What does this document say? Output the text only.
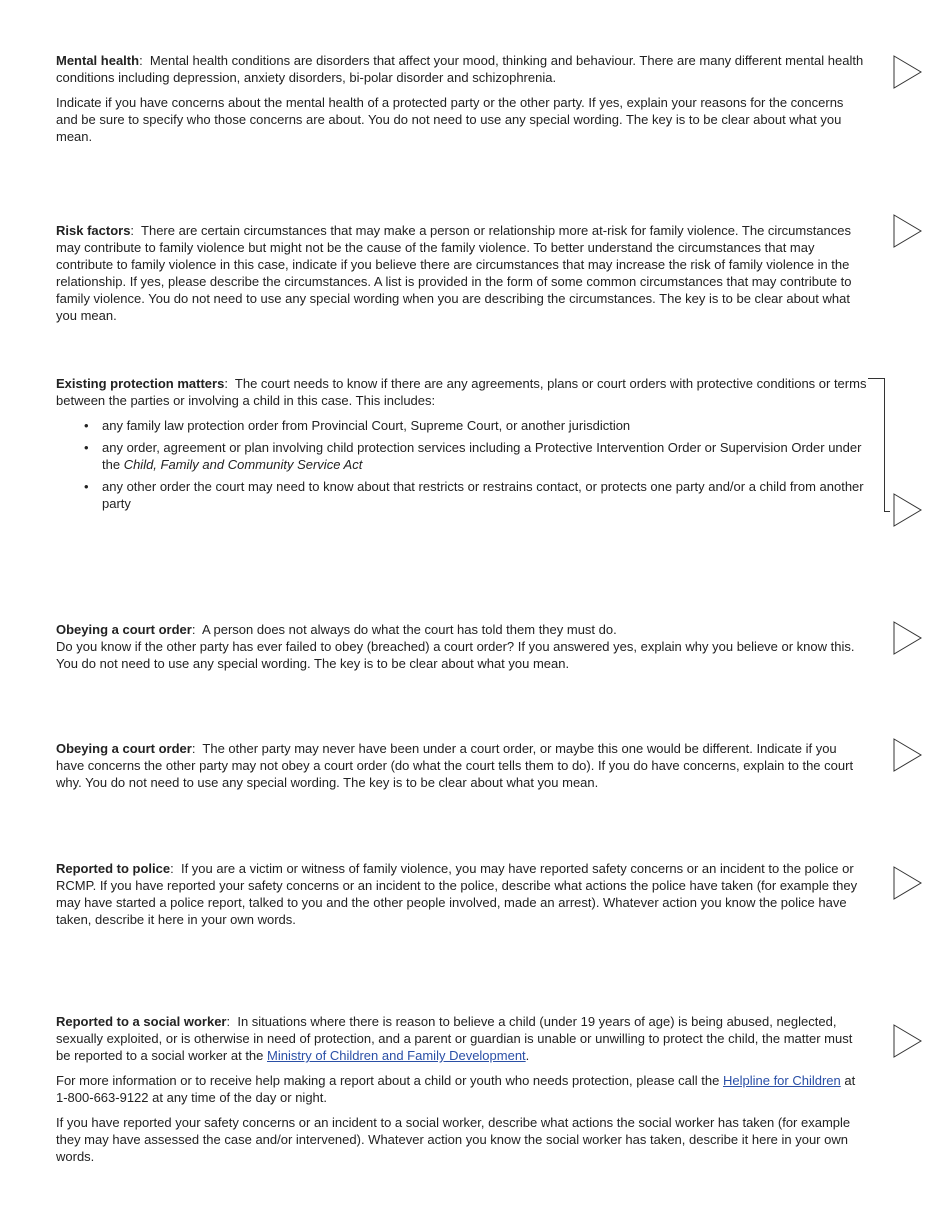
Mental health:  Mental health conditions are disorders that affect your mood, thinking and behaviour. There are many different mental health conditions including depression, anxiety disorders, bi-polar disorder and schizophrenia.

Indicate if you have concerns about the mental health of a protected party or the other party. If yes, explain your reasons for the concerns and be sure to specify who those concerns are about. You do not need to use any special wording. The key is to be clear about what you mean.

Risk factors:  There are certain circumstances that may make a person or relationship more at-risk for family violence. The circumstances may contribute to family violence but might not be the cause of the family violence. To better understand the circumstances that may contribute to family violence in this case, indicate if you believe there are circumstances that may increase the risk of family violence in the relationship. If yes, please describe the circumstances. A list is provided in the form of some common circumstances that may contribute to family violence. You do not need to use any special wording when you are describing the circumstances. The key is to be clear about what you mean.

Existing protection matters:  The court needs to know if there are any agreements, plans or court orders with protective conditions or terms between the parties or involving a child in this case. This includes:

• any family law protection order from Provincial Court, Supreme Court, or another jurisdiction
• any order, agreement or plan involving child protection services including a Protective Intervention Order or Supervision Order under the Child, Family and Community Service Act
• any other order the court may need to know about that restricts or restrains contact, or protects one party and/or a child from another party

Obeying a court order:  A person does not always do what the court has told them they must do.

Do you know if the other party has ever failed to obey (breached) a court order? If you answered yes, explain why you believe or know this. You do not need to use any special wording. The key is to be clear about what you mean.

Obeying a court order:  The other party may never have been under a court order, or maybe this one would be different. Indicate if you have concerns the other party may not obey a court order (do what the court tells them to do). If you do have concerns, explain to the court why. You do not need to use any special wording. The key is to be clear about what you mean.

Reported to police:  If you are a victim or witness of family violence, you may have reported safety concerns or an incident to the police or RCMP. If you have reported your safety concerns or an incident to the police, describe what actions the police have taken (for example they may have started a police report, talked to you and the other people involved, made an arrest). Whatever action you know the police have taken, describe it here in your own words.

Reported to a social worker:  In situations where there is reason to believe a child (under 19 years of age) is being abused, neglected, sexually exploited, or is otherwise in need of protection, and a parent or guardian is unable or unwilling to protect the child, the matter must be reported to a social worker at the Ministry of Children and Family Development.

For more information or to receive help making a report about a child or youth who needs protection, please call the Helpline for Children at 1-800-663-9122 at any time of the day or night.

If you have reported your safety concerns or an incident to a social worker, describe what actions the social worker has taken (for example they may have assessed the case and/or intervened). Whatever action you know the social worker has taken, describe it here in your own words.
